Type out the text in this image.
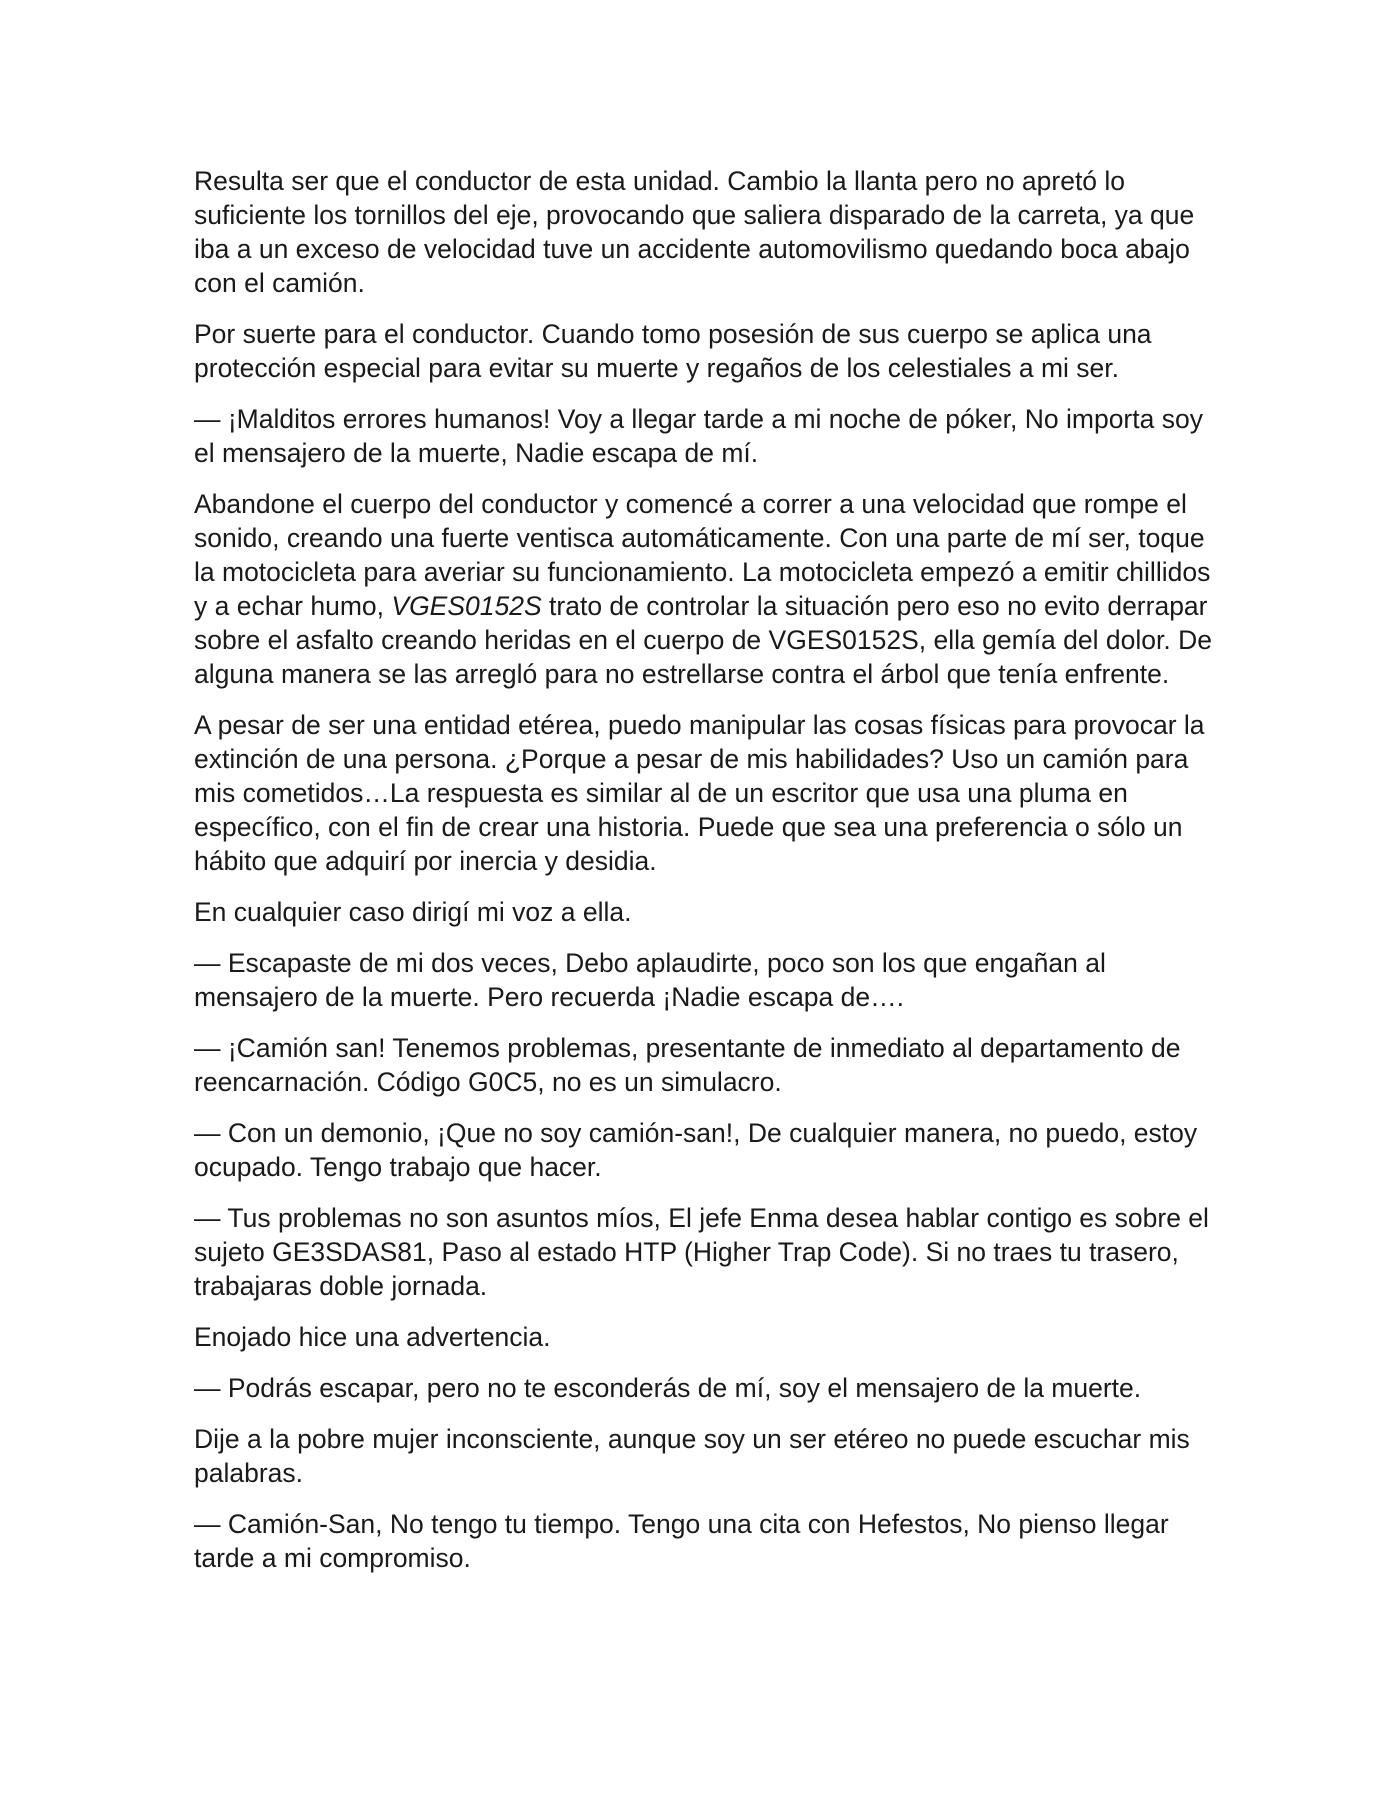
Resulta ser que el conductor de esta unidad. Cambio la llanta pero no apretó lo suficiente los tornillos del eje, provocando que saliera disparado de la carreta, ya que iba a un exceso de velocidad tuve un accidente automovilismo quedando boca abajo con el camión.

Por suerte para el conductor. Cuando tomo posesión de sus cuerpo se aplica una protección especial para evitar su muerte y regaños de los celestiales a mi ser.

— ¡Malditos errores humanos! Voy a llegar tarde a mi noche de póker, No importa soy el mensajero de la muerte, Nadie escapa de mí.

Abandone el cuerpo del conductor y comencé a correr a una velocidad que rompe el sonido, creando una fuerte ventisca automáticamente. Con una parte de mí ser, toque la motocicleta para averiar su funcionamiento. La motocicleta empezó a emitir chillidos y a echar humo, VGES0152S trato de controlar la situación pero eso no evito derrapar sobre el asfalto creando heridas en el cuerpo de VGES0152S, ella gemía del dolor. De alguna manera se las arregló para no estrellarse contra el árbol que tenía enfrente.

A pesar de ser una entidad etérea, puedo manipular las cosas físicas para provocar la extinción de una persona. ¿Porque a pesar de mis habilidades? Uso un camión para mis cometidos…La respuesta es similar al de un escritor que usa una pluma en específico, con el fin de crear una historia. Puede que sea una preferencia o sólo un hábito que adquirí por inercia y desidia.

En cualquier caso dirigí mi voz a ella.

— Escapaste de mi dos veces, Debo aplaudirte, poco son los que engañan al mensajero de la muerte. Pero recuerda ¡Nadie escapa de….

— ¡Camión san! Tenemos problemas, presentante de inmediato al departamento de reencarnación. Código G0C5, no es un simulacro.

— Con un demonio, ¡Que no soy camión-san!, De cualquier manera, no puedo, estoy ocupado. Tengo trabajo que hacer.

— Tus problemas no son asuntos míos, El jefe Enma desea hablar contigo es sobre el sujeto GE3SDAS81, Paso al estado HTP (Higher Trap Code). Si no traes tu trasero, trabajaras doble jornada.

Enojado hice una advertencia.

— Podrás escapar, pero no te esconderás de mí, soy el mensajero de la muerte.

Dije a la pobre mujer inconsciente, aunque soy un ser etéreo no puede escuchar mis palabras.

— Camión-San, No tengo tu tiempo. Tengo una cita con Hefestos, No pienso llegar tarde a mi compromiso.
